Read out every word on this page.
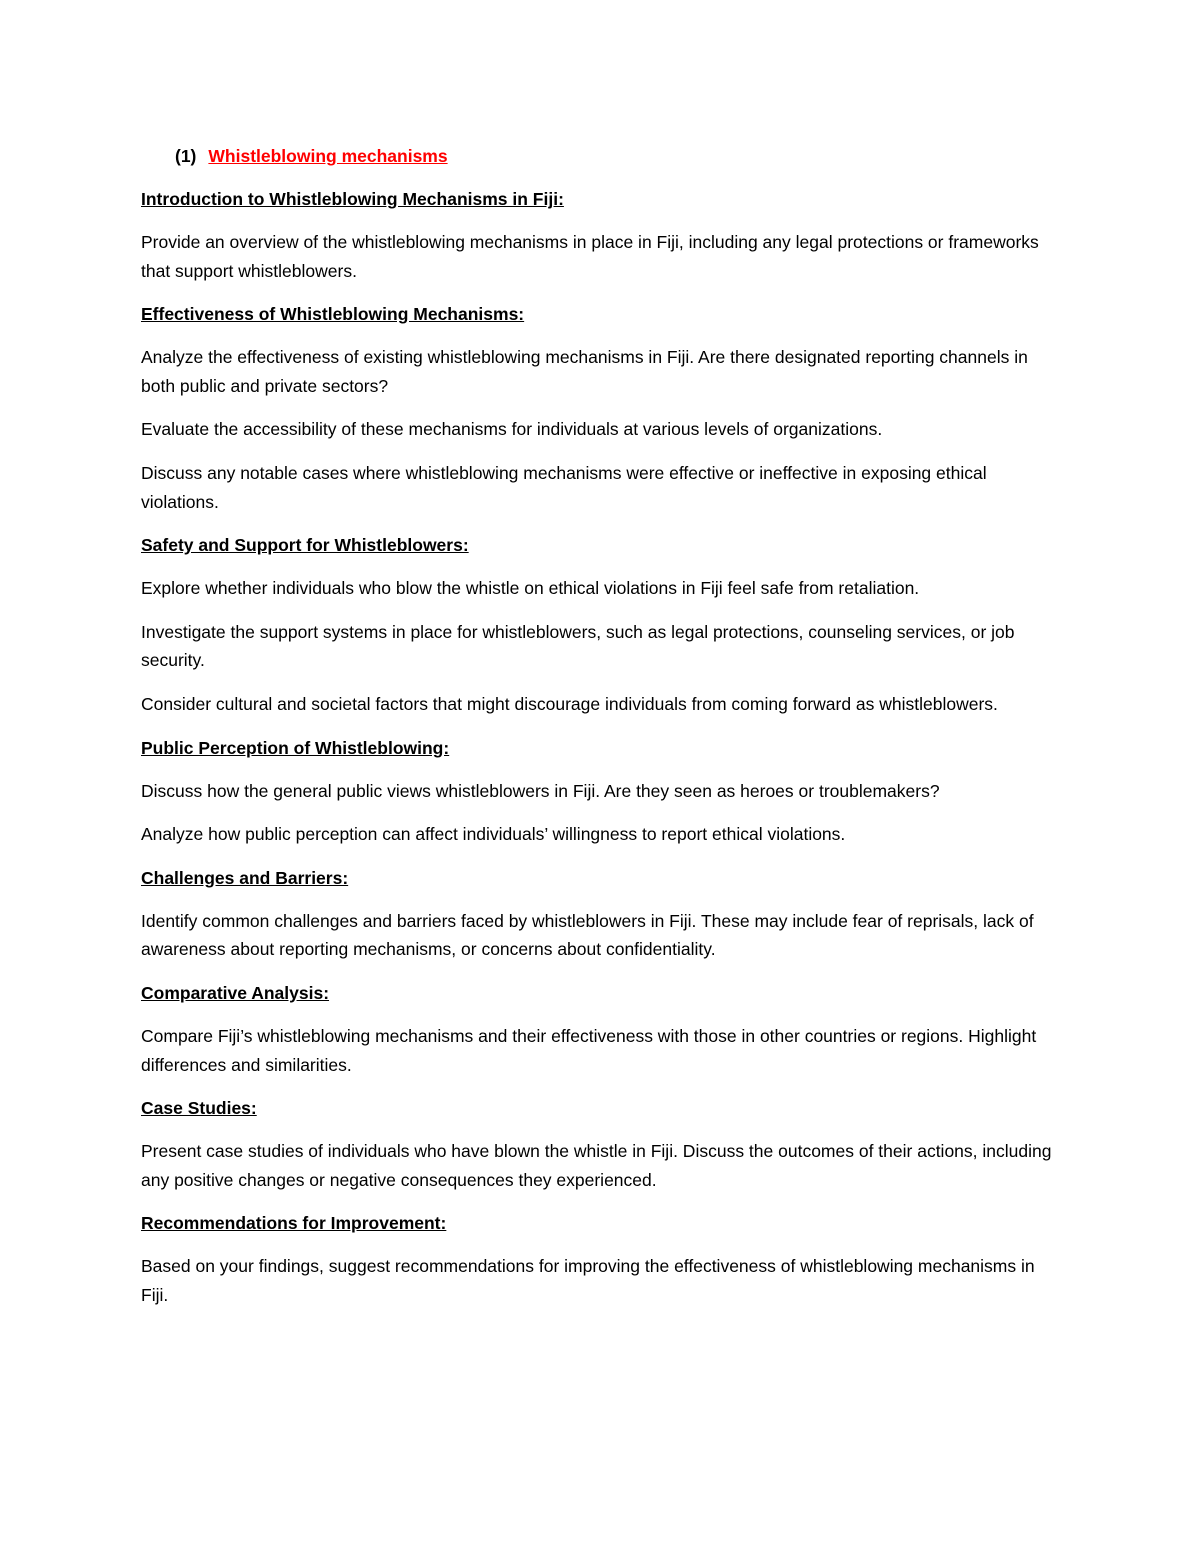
(1) Whistleblowing mechanisms

Introduction to Whistleblowing Mechanisms in Fiji:

Provide an overview of the whistleblowing mechanisms in place in Fiji, including any legal protections or frameworks that support whistleblowers.

Effectiveness of Whistleblowing Mechanisms:

Analyze the effectiveness of existing whistleblowing mechanisms in Fiji. Are there designated reporting channels in both public and private sectors?

Evaluate the accessibility of these mechanisms for individuals at various levels of organizations.

Discuss any notable cases where whistleblowing mechanisms were effective or ineffective in exposing ethical violations.

Safety and Support for Whistleblowers:

Explore whether individuals who blow the whistle on ethical violations in Fiji feel safe from retaliation.

Investigate the support systems in place for whistleblowers, such as legal protections, counseling services, or job security.

Consider cultural and societal factors that might discourage individuals from coming forward as whistleblowers.

Public Perception of Whistleblowing:

Discuss how the general public views whistleblowers in Fiji. Are they seen as heroes or troublemakers?

Analyze how public perception can affect individuals’ willingness to report ethical violations.

Challenges and Barriers:

Identify common challenges and barriers faced by whistleblowers in Fiji. These may include fear of reprisals, lack of awareness about reporting mechanisms, or concerns about confidentiality.

Comparative Analysis:

Compare Fiji’s whistleblowing mechanisms and their effectiveness with those in other countries or regions. Highlight differences and similarities.

Case Studies:

Present case studies of individuals who have blown the whistle in Fiji. Discuss the outcomes of their actions, including any positive changes or negative consequences they experienced.

Recommendations for Improvement:

Based on your findings, suggest recommendations for improving the effectiveness of whistleblowing mechanisms in Fiji.
